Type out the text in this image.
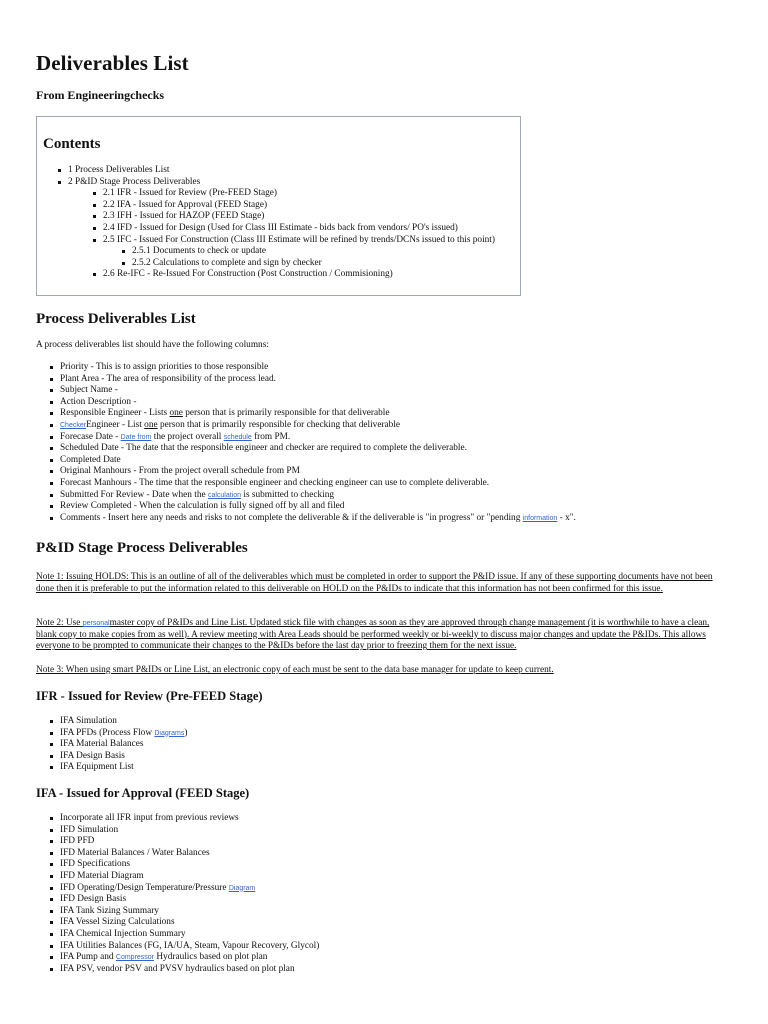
Deliverables List
From Engineeringchecks
Contents
1 Process Deliverables List
2 P&ID Stage Process Deliverables
2.1 IFR - Issued for Review (Pre-FEED Stage)
2.2 IFA - Issued for Approval (FEED Stage)
2.3 IFH - Issued for HAZOP (FEED Stage)
2.4 IFD - Issued for Design (Used for Class III Estimate - bids back from vendors/ PO's issued)
2.5 IFC - Issued For Construction (Class III Estimate will be refined by trends/DCNs issued to this point)
2.5.1 Documents to check or update
2.5.2 Calculations to complete and sign by checker
2.6 Re-IFC - Re-Issued For Construction (Post Construction / Commisioning)
Process Deliverables List

A process deliverables list should have the following columns:

Priority - This is to assign priorities to those responsible
Plant Area - The area of responsibility of the process lead.
Subject Name -
Action Description -
Responsible Engineer - Lists one person that is primarily responsible for that deliverable
CheckerEngineer - List one person that is primarily responsible for checking that deliverable
Forecase Date - Date from the project overall schedule from PM.
Scheduled Date - The date that the responsible engineer and checker are required to complete the deliverable.
Completed Date
Original Manhours - From the project overall schedule from PM
Forecast Manhours - The time that the responsible engineer and checking engineer can use to complete deliverable.
Submitted For Review - Date when the calculation is submitted to checking
Review Completed - When the calculation is fully signed off by all and filed
Comments - Insert here any needs and risks to not complete the deliverable & if the deliverable is "in progress" or "pending information - x".
P&ID Stage Process Deliverables

Note 1: Issuing HOLDS: This is an outline of all of the deliverables which must be completed in order to support the P&ID issue. If any of these supporting documents have not been done then it is preferable to put the information related to this deliverable on HOLD on the P&IDs to indicate that this information has not been confirmed for this issue.

Note 2: Use personalmaster copy of P&IDs and Line List. Updated stick file with changes as soon as they are approved through change management (it is worthwhile to have a clean, blank copy to make copies from as well). A review meeting with Area Leads should be performed weekly or bi-weekly to discuss major changes and update the P&IDs. This allows everyone to be prompted to communicate their changes to the P&IDs before the last day prior to freezing them for the next issue.

Note 3: When using smart P&IDs or Line List, an electronic copy of each must be sent to the data base manager for update to keep current.

IFR - Issued for Review (Pre-FEED Stage)
IFA Simulation
IFA PFDs (Process Flow Diagrams)
IFA Material Balances
IFA Design Basis
IFA Equipment List
IFA - Issued for Approval (FEED Stage)
Incorporate all IFR input from previous reviews
IFD Simulation
IFD PFD
IFD Material Balances / Water Balances
IFD Specifications
IFD Material Diagram
IFD Operating/Design Temperature/Pressure Diagram
IFD Design Basis
IFA Tank Sizing Summary
IFA Vessel Sizing Calculations
IFA Chemical Injection Summary
IFA Utilities Balances (FG, IA/UA, Steam, Vapour Recovery, Glycol)
IFA Pump and Compressor Hydraulics based on plot plan
IFA PSV, vendor PSV and PVSV hydraulics based on plot plan
